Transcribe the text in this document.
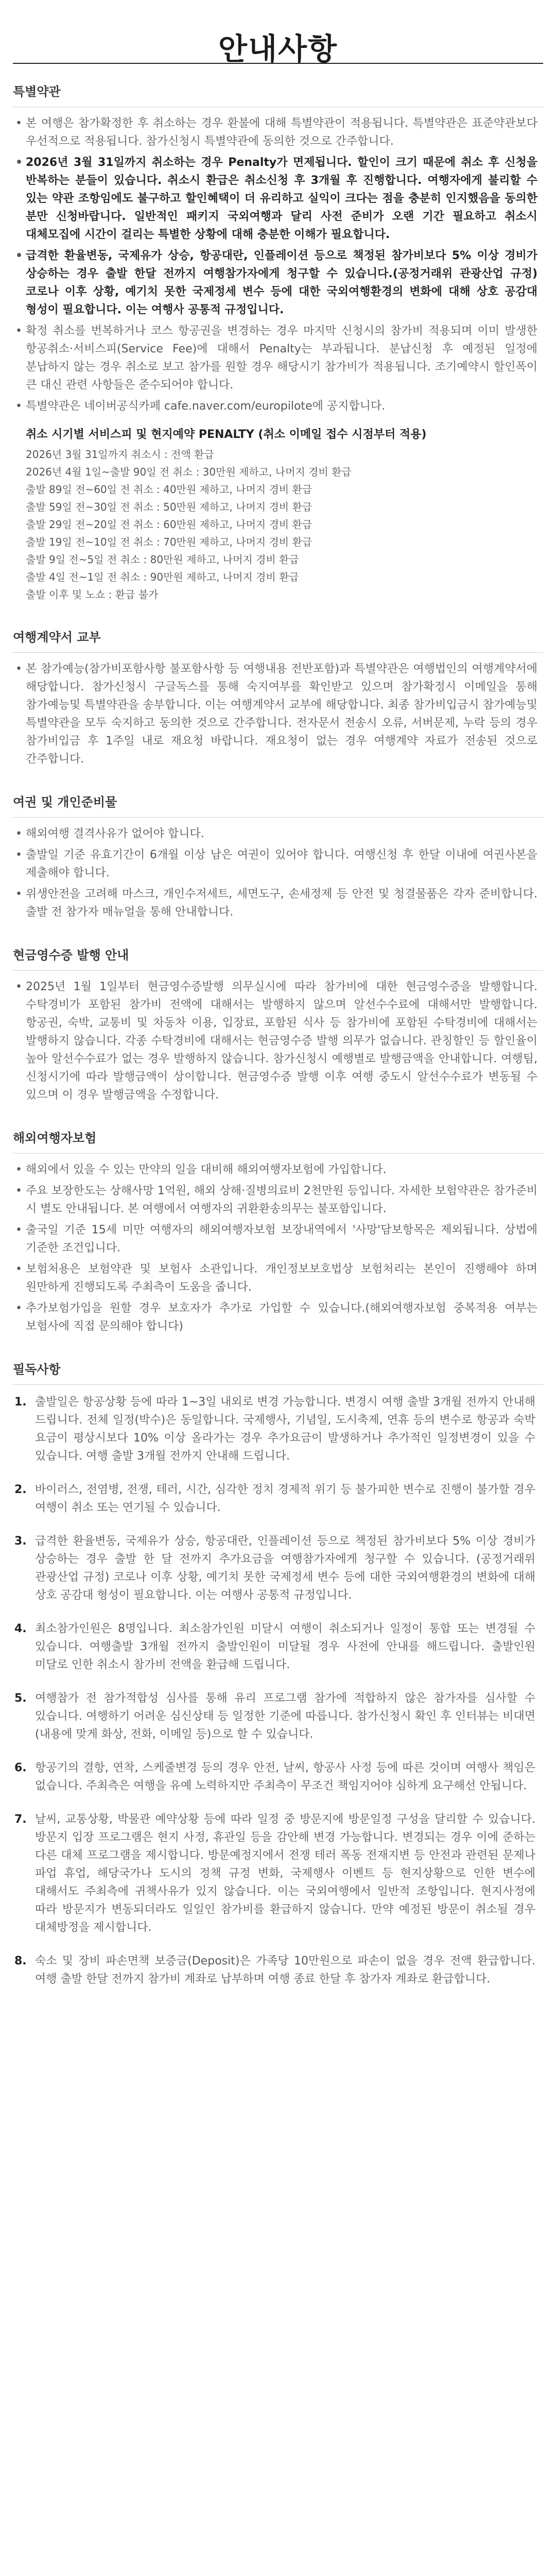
안내사항
특별약관
• 본 여행은 참가확정한 후 취소하는 경우 환불에 대해 특별약관이 적용됩니다. 특별약관은 표준약관보다 우선적으로 적용됩니다. 참가신청시 특별약관에 동의한 것으로 간주합니다.
• 2026년 3월 31일까지 취소하는 경우 Penalty가 면제됩니다. 할인이 크기 때문에 취소 후 신청을 반복하는 분들이 있습니다. 취소시 환급은 취소신청 후 3개월 후 진행합니다. 여행자에게 불리할 수 있는 약관 조항임에도 불구하고 할인혜택이 더 유리하고 실익이 크다는 점을 충분히 인지했음을 동의한 분만 신청바랍니다. 일반적인 패키지 국외여행과 달리 사전 준비가 오랜 기간 필요하고 취소시 대체모집에 시간이 걸리는 특별한 상황에 대해 충분한 이해가 필요합니다.
• 급격한 환율변동, 국제유가 상승, 항공대란, 인플레이션 등으로 책정된 참가비보다 5% 이상 경비가 상승하는 경우 출발 한달 전까지 여행참가자에게 청구할 수 있습니다.(공정거래위 관광산업 규정) 코로나 이후 상황, 예기치 못한 국제정세 변수 등에 대한 국외여행환경의 변화에 대해 상호 공감대 형성이 필요합니다. 이는 여행사 공통적 규정입니다.
• 확정 취소를 번복하거나 코스 항공권을 변경하는 경우 마지막 신청시의 참가비 적용되며 이미 발생한 항공취소·서비스피(Service Fee)에 대해서 Penalty는 부과됩니다. 분납신청 후 예정된 일정에 분납하지 않는 경우 취소로 보고 참가를 원할 경우 해당시기 참가비가 적용됩니다. 조기예약시 할인폭이 큰 대신 관련 사항들은 준수되어야 합니다.
• 특별약관은 네이버공식카페 cafe.naver.com/europilote에 공지합니다.
취소 시기별 서비스피 및 현지예약 PENALTY (취소 이메일 접수 시점부터 적용)
2026년 3월 31일까지 취소시 : 전액 환급
2026년 4월 1일~출발 90일 전 취소 : 30만원 제하고, 나머지 경비 환급
출발 89일 전~60일 전 취소 : 40만원 제하고, 나머지 경비 환급
출발 59일 전~30일 전 취소 : 50만원 제하고, 나머지 경비 환급
출발 29일 전~20일 전 취소 : 60만원 제하고, 나머지 경비 환급
출발 19일 전~10일 전 취소 : 70만원 제하고, 나머지 경비 환급
출발 9일 전~5일 전 취소 : 80만원 제하고, 나머지 경비 환급
출발 4일 전~1일 전 취소 : 90만원 제하고, 나머지 경비 환급
출발 이후 및 노쇼 : 환급 불가
여행계약서 교부
• 본 참가예능(참가비포함사항 불포함사항 등 여행내용 전반포함)과 특별약관은 여행법인의 여행계약서에 해당합니다. 참가신청시 구글독스를 통해 숙지여부를 확인받고 있으며 참가확정시 이메일을 통해 참가예능및 특별약관을 송부합니다. 이는 여행계약서 교부에 해당합니다. 최종 참가비입금시 참가예능및 특별약관을 모두 숙지하고 동의한 것으로 간주합니다. 전자문서 전송시 오류, 서버문제, 누락 등의 경우 참가비입금 후 1주일 내로 재요청 바랍니다. 재요청이 없는 경우 여행계약 자료가 전송된 것으로 간주합니다.
여권 및 개인준비물
• 해외여행 결격사유가 없어야 합니다.
• 출발일 기준 유효기간이 6개월 이상 남은 여권이 있어야 합니다. 여행신청 후 한달 이내에 여권사본을 제출해야 합니다.
• 위생안전을 고려해 마스크, 개인수저세트, 세면도구, 손세정제 등 안전 및 청결물품은 각자 준비합니다. 출발 전 참가자 매뉴얼을 통해 안내합니다.
현금영수증 발행 안내
• 2025년 1월 1일부터 현금영수증발행 의무실시에 따라 참가비에 대한 현금영수증을 발행합니다. 수탁경비가 포함된 참가비 전액에 대해서는 발행하지 않으며 알선수수료에 대해서만 발행합니다. 항공권, 숙박, 교통비 및 차동차 이용, 입장료, 포함된 식사 등 참가비에 포함된 수탁경비에 대해서는 발행하지 않습니다. 각종 수탁경비에 대해서는 현금영수증 발행 의무가 없습니다. 관칭할인 등 할인율이 높아 알선수수료가 없는 경우 발행하지 않습니다. 참가신청시 예행별로 발행금액을 안내합니다. 여행팀, 신청시기에 따라 발행금액이 상이합니다. 현금영수증 발행 이후 여행 중도시 알선수수료가 변동될 수 있으며 이 경우 발행금액을 수정합니다.
해외여행자보험
• 해외에서 있을 수 있는 만약의 일을 대비해 해외여행자보험에 가입합니다.
• 주요 보장한도는 상해사망 1억원, 해외 상해·질병의료비 2천만원 등입니다. 자세한 보험약관은 참가준비 시 별도 안내됩니다. 본 여행에서 여행자의 귀환환송의무는 불포함입니다.
• 출국일 기준 15세 미만 여행자의 해외여행자보험 보장내역에서 '사망'담보항목은 제외됩니다. 상법에 기준한 조건입니다.
• 보험처용은 보험약관 및 보험사 소관입니다. 개인정보보호법상 보험처리는 본인이 진행해야 하며 원만하게 진행되도록 주최측이 도움을 줍니다.
• 추가보험가입을 원할 경우 보호자가 추가로 가입할 수 있습니다.(해외여행자보험 중복적용 여부는 보험사에 직접 문의해야 합니다)
필독사항
1. 출발일은 항공상황 등에 따라 1~3일 내외로 변경 가능합니다. 변경시 여행 출발 3개월 전까지 안내해 드립니다. 전체 일정(박수)은 동일합니다. 국제행사, 기념일, 도시축제, 연휴 등의 변수로 항공과 숙박 요금이 평상시보다 10% 이상 올라가는 경우 추가요금이 발생하거나 추가적인 일정변경이 있을 수 있습니다. 여행 출발 3개월 전까지 안내해 드립니다.
2. 바이러스, 전염병, 전쟁, 테러, 시간, 심각한 정치 경제적 위기 등 불가피한 변수로 진행이 불가할 경우 여행이 취소 또는 연기될 수 있습니다.
3. 급격한 환율변동, 국제유가 상승, 항공대란, 인플레이션 등으로 책정된 참가비보다 5% 이상 경비가 상승하는 경우 출발 한 달 전까지 추가요금을 여행참가자에게 청구할 수 있습니다. (공정거래위 관광산업 규정) 코로나 이후 상황, 예기치 못한 국제정세 변수 등에 대한 국외여행환경의 변화에 대해 상호 공감대 형성이 필요합니다. 이는 여행사 공통적 규정입니다.
4. 최소참가인원은 8명입니다. 최소참가인원 미달시 여행이 취소되거나 일정이 통합 또는 변경될 수 있습니다. 여행출발 3개월 전까지 출발인원이 미달될 경우 사전에 안내를 해드립니다. 출발인원 미달로 인한 취소시 참가비 전액을 환급해 드립니다.
5. 여행참가 전 참가적합성 심사를 통해 유리 프로그램 참가에 적합하지 않은 참가자를 심사할 수 있습니다. 여행하기 어려운 심신상태 등 일정한 기준에 따릅니다. 참가신청시 확인 후 인터뷰는 비대면(내용에 맞게 화상, 전화, 이메일 등)으로 할 수 있습니다.
6. 항공기의 결항, 연착, 스케줄변경 등의 경우 안전, 날씨, 항공사 사정 등에 따른 것이며 여행사 책임은 없습니다. 주최측은 여행을 유예 노력하지만 주최측이 무조건 책임지어야 심하게 요구해선 안됩니다.
7. 날씨, 교통상황, 박물관 예약상황 등에 따라 일정 중 방문지에 방문일정 구성을 달리할 수 있습니다. 방문지 입장 프로그램은 현지 사정, 휴관일 등을 감안해 변경 가능합니다. 변경되는 경우 이에 준하는 다른 대체 프로그램을 제시합니다. 방문예정지에서 전쟁 테러 폭동 전재지변 등 안전과 관련된 문제나 파업 휴업, 해당국가나 도시의 정책 규정 변화, 국제행사 이벤트 등 현지상황으로 인한 변수에 대해서도 주최측에 귀책사유가 있지 않습니다. 이는 국외여행에서 일반적 조항입니다. 현지사정에 따라 방문지가 변동되더라도 일일인 참가비를 환급하지 않습니다. 만약 예정된 방문이 취소될 경우 대체방정을 제시합니다.
8. 숙소 및 장비 파손면책 보증금(Deposit)은 가족당 10만원으로 파손이 없을 경우 전액 환급합니다. 여행 출발 한달 전까지 참가비 계좌로 납부하며 여행 종료 한달 후 참가자 계좌로 환급합니다.
